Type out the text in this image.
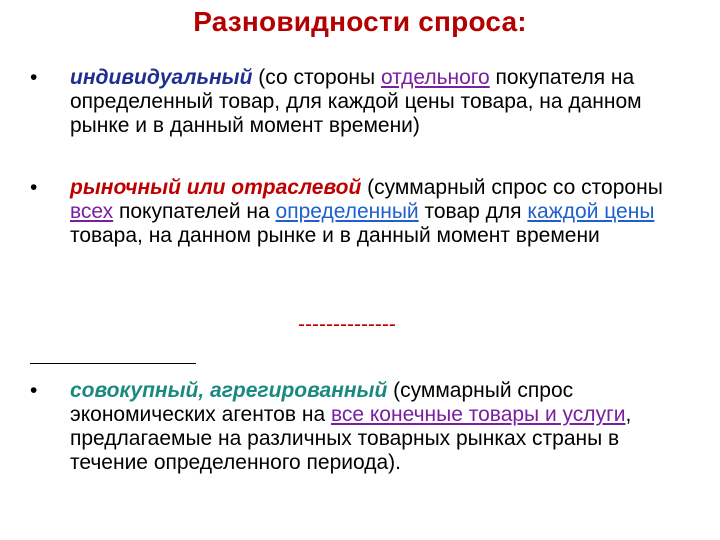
Разновидности спроса:
• индивидуальный (со стороны отдельного покупателя на определенный товар, для каждой цены товара, на данном рынке и в данный момент времени)
• рыночный или отраслевой (суммарный спрос со стороны всех покупателей на определенный товар для каждой цены товара, на данном рынке и в данный момент времени
--------------
• совокупный, агрегированный (суммарный спрос экономических агентов на все конечные товары и услуги, предлагаемые на различных товарных рынках страны в течение определенного периода).
